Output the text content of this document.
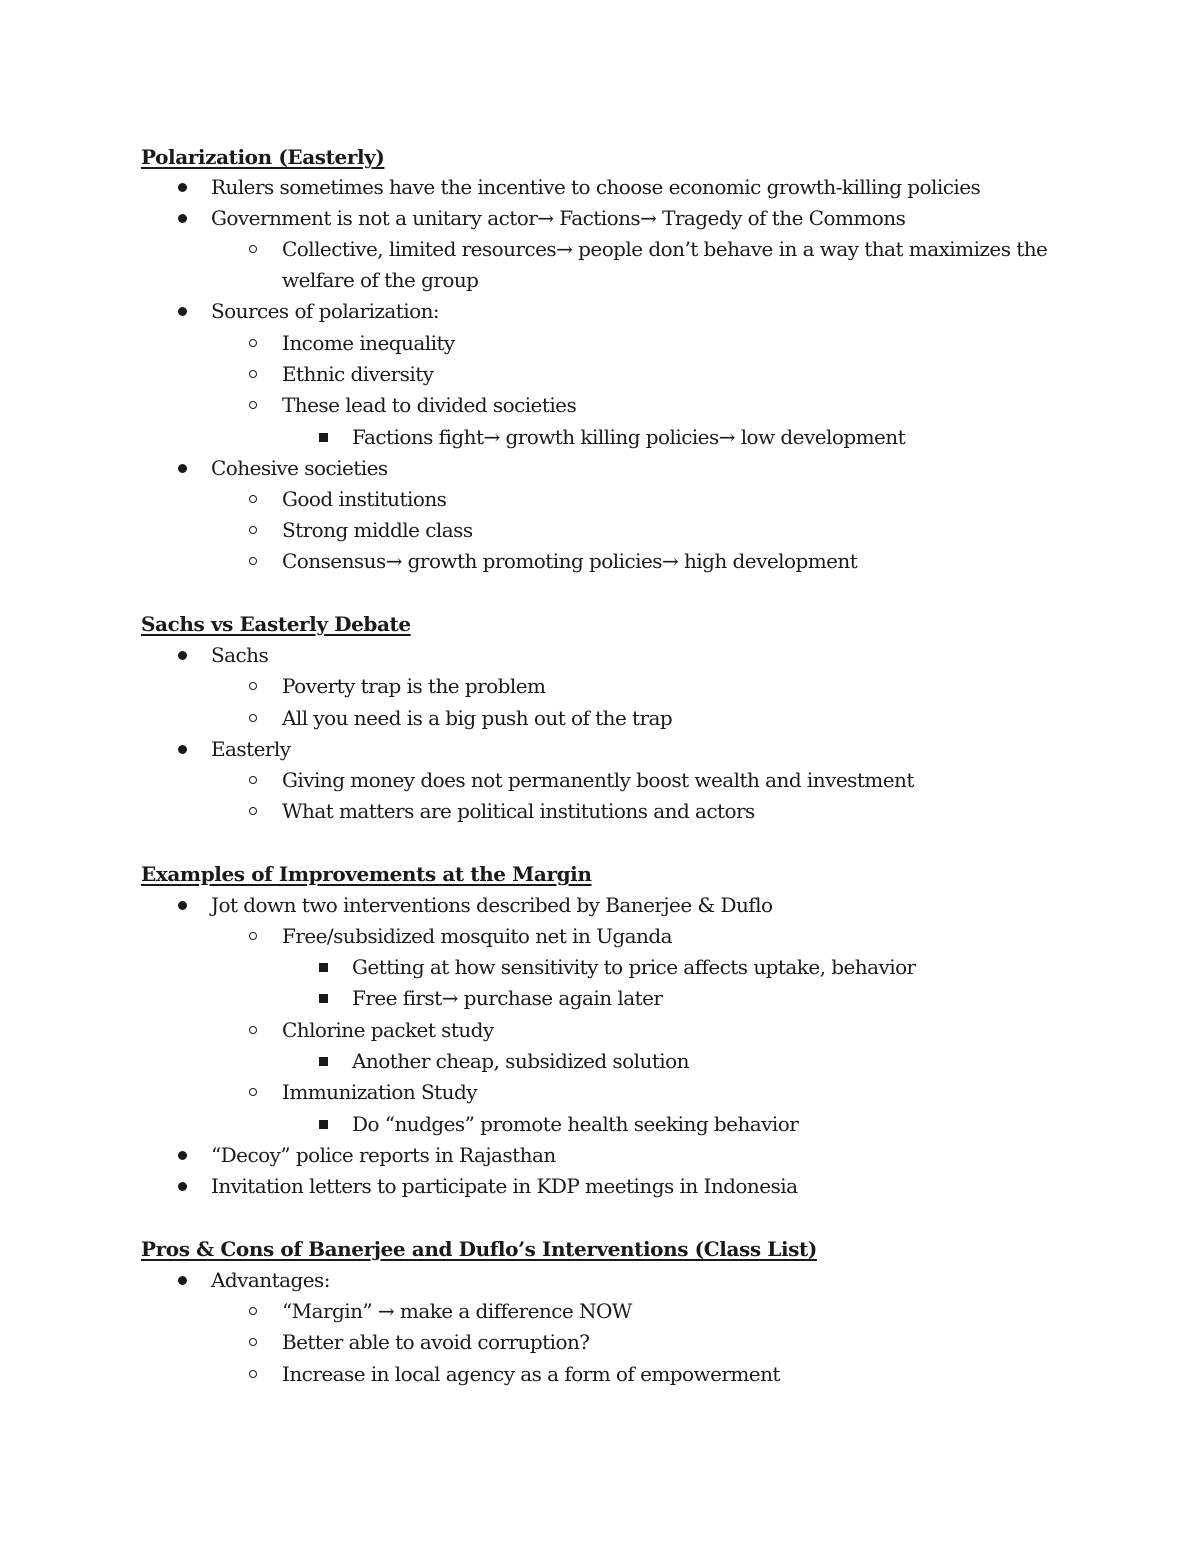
Polarization (Easterly)
Rulers sometimes have the incentive to choose economic growth-killing policies
Government is not a unitary actor→ Factions→ Tragedy of the Commons
Collective, limited resources→ people don’t behave in a way that maximizes the
welfare of the group
Sources of polarization:
Income inequality
Ethnic diversity
These lead to divided societies
Factions fight→ growth killing policies→ low development
Cohesive societies
Good institutions
Strong middle class
Consensus→ growth promoting policies→ high development
Sachs vs Easterly Debate
Sachs
Poverty trap is the problem
All you need is a big push out of the trap
Easterly
Giving money does not permanently boost wealth and investment
What matters are political institutions and actors
Examples of Improvements at the Margin
Jot down two interventions described by Banerjee & Duflo
Free/subsidized mosquito net in Uganda
Getting at how sensitivity to price affects uptake, behavior
Free first→ purchase again later
Chlorine packet study
Another cheap, subsidized solution
Immunization Study
Do “nudges” promote health seeking behavior
“Decoy” police reports in Rajasthan
Invitation letters to participate in KDP meetings in Indonesia
Pros & Cons of Banerjee and Duflo’s Interventions (Class List)
Advantages:
“Margin” → make a difference NOW
Better able to avoid corruption?
Increase in local agency as a form of empowerment
